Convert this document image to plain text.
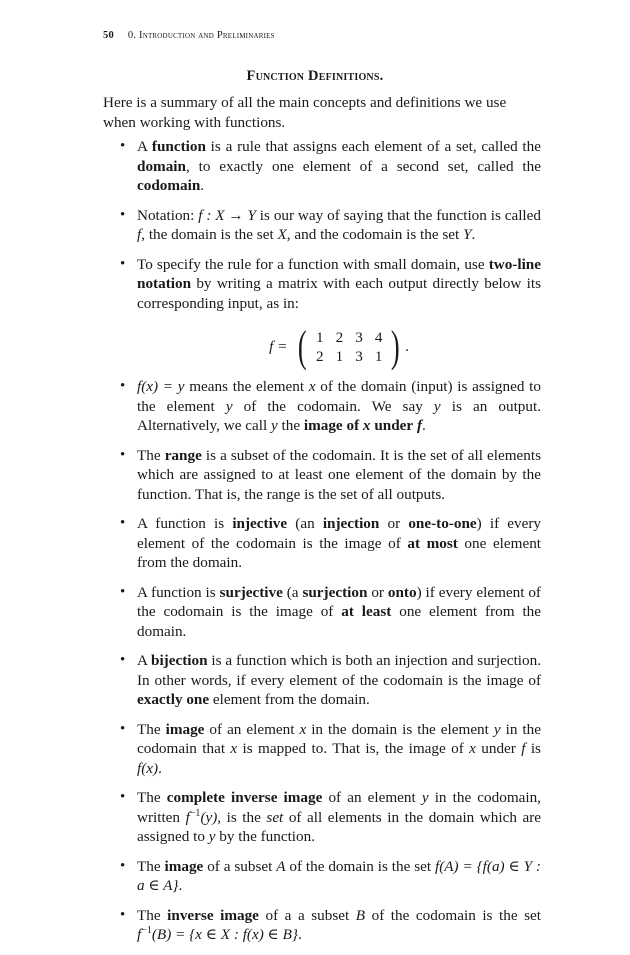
50 0. Introduction and Preliminaries
Function Definitions.

Here is a summary of all the main concepts and definitions we use when working with functions.

• A function is a rule that assigns each element of a set, called the domain, to exactly one element of a second set, called the codomain.
• Notation: f : X → Y is our way of saying that the function is called f, the domain is the set X, and the codomain is the set Y.
• To specify the rule for a function with small domain, use two-line notation by writing a matrix with each output directly below its corresponding input, as in:
f = ( 1	2	3	4
2	1	3	1 ) .
• f(x) = y means the element x of the domain (input) is assigned to the element y of the codomain. We say y is an output. Alternatively, we call y the image of x under f.
• The range is a subset of the codomain. It is the set of all elements which are assigned to at least one element of the domain by the function. That is, the range is the set of all outputs.
• A function is injective (an injection or one-to-one) if every element of the codomain is the image of at most one element from the domain.
• A function is surjective (a surjection or onto) if every element of the codomain is the image of at least one element from the domain.
• A bijection is a function which is both an injection and surjection. In other words, if every element of the codomain is the image of exactly one element from the domain.
• The image of an element x in the domain is the element y in the codomain that x is mapped to. That is, the image of x under f is f(x).
• The complete inverse image of an element y in the codomain, written $f^{-1}(y)$, is the set of all elements in the domain which are assigned to y by the function.
• The image of a subset A of the domain is the set f(A) = {f(a) ∈ Y : a ∈ A}.
• The inverse image of a a subset B of the codomain is the set $f^{-1}(B) = \{x$ ∈ X : f(x) ∈ B}.
